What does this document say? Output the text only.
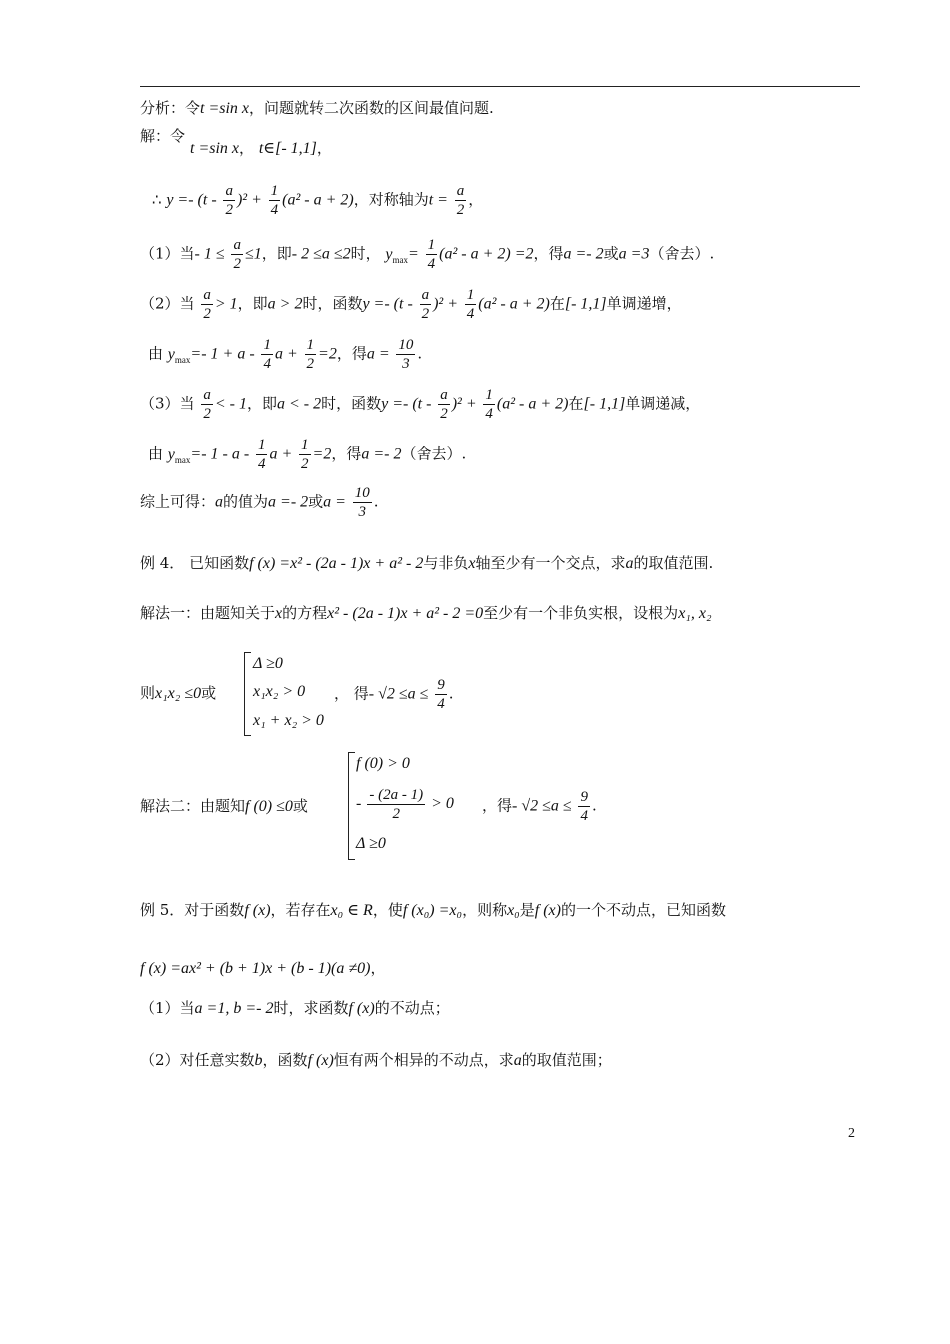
分析：令t =sin x，问题就转二次函数的区间最值问题.
解：令
t =sin x， t∈[- 1,1]，
∴ $y =- (t - \frac{a}{2} )^2 + \frac{1}{4} (a^2 - a + 2)$，对称轴为$t = \frac{a}{2}$ ，
（1）当- $1 \le \frac{a}{2} \le 1$，即- 2 ≤a ≤2时， $y_{max}= \frac{1}{4} (a^2 - a + 2) =2$，得a =- 2或a =3（舍去）.
（2）当 $\frac{a}{2} > 1$，即a > 2时，函数$y =- (t - \frac{a}{2} )^2 + \frac{1}{4} (a^2 - a + 2)$在[- 1,1]单调递增，
由 $y_{max}=-$ $1 + a - \frac{1}{4}$ $a + \frac{1}{2} =2$，得$a = \frac{10}{3}$ .
（3）当 $\frac{a}{2}$ < - 1，即a < - 2时，函数$y =- (t - \frac{a}{2} )^2 + \frac{1}{4} (a^2 - a + 2)$在[- 1,1]单调递减，
由 $y_{max}=-$ 1 - a - $\frac{1}{4}$ $a + \frac{1}{2} =2$，得a =- 2（舍去）.
综上可得：a的值为a =- 2或$a = \frac{10}{3}$ .
例 4． 已知函数f (x) =x² - (2a - 1)x + a² - 2与非负x轴至少有一个交点，求a的取值范围.
解法一：由题知关于x的方程x² - (2a - 1)x + a² - 2 =0至少有一个非负实根，设根为x₁, x₂
则x₁x₂ ≤0或
Δ ≥0
x₁x₂ > 0
x₁ + x₂ > 0
， 得- $√2 \le a \le \frac{9}{4}$ .
解法二：由题知f (0) ≤0或
f (0) > 0
- $\frac{- (2a - 1)}{2} > 0$
Δ ≥0
，得- $√2 \le a \le \frac{9}{4}$ .
例 5．对于函数f (x)，若存在x₀ ∈ R，使f (x₀) =x₀，则称x₀是f (x)的一个不动点，已知函数
f (x) =ax² + (b + 1)x + (b - 1)(a ≠0)，
（1）当a =1, b =- 2时，求函数f (x)的不动点；
（2）对任意实数b，函数f (x)恒有两个相异的不动点，求a的取值范围；
2
